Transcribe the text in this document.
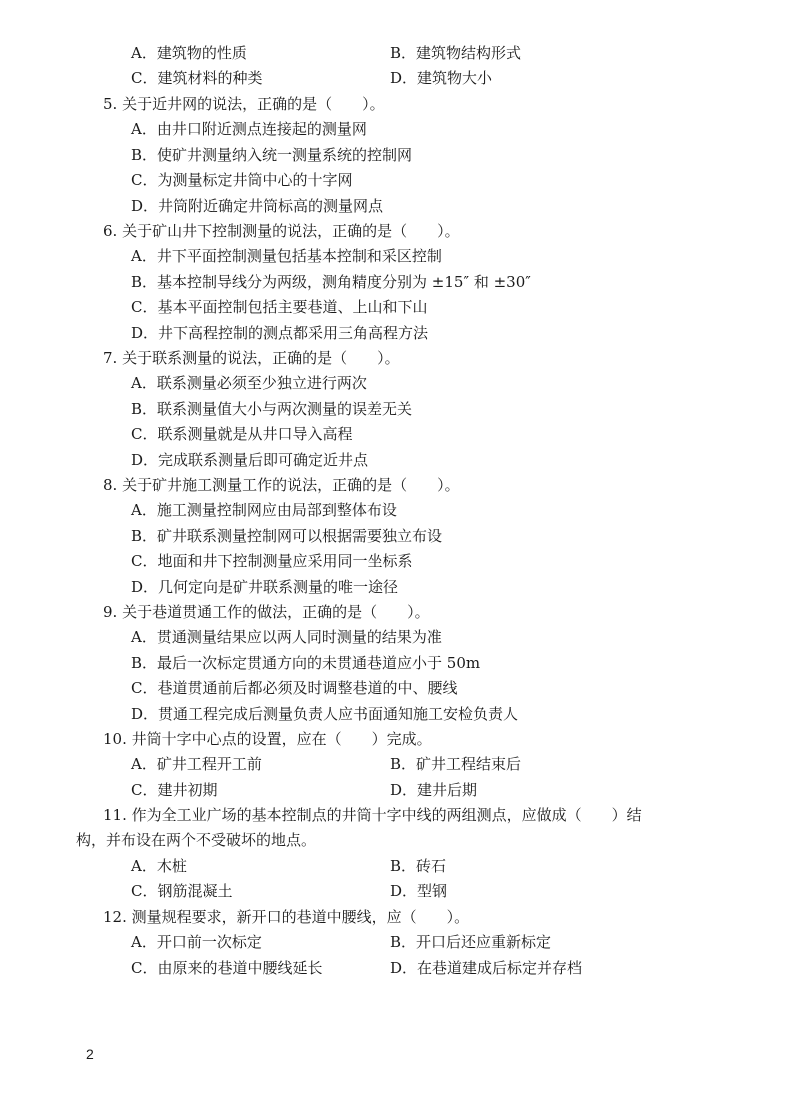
A．建筑物的性质	B．建筑物结构形式
C．建筑材料的种类	D．建筑物大小
5. 关于近井网的说法，正确的是（　　）。
A．由井口附近测点连接起的测量网
B．使矿井测量纳入统一测量系统的控制网
C．为测量标定井筒中心的十字网
D．井筒附近确定井筒标高的测量网点
6. 关于矿山井下控制测量的说法，正确的是（　　）。
A．井下平面控制测量包括基本控制和采区控制
B．基本控制导线分为两级，测角精度分别为 ±15″ 和 ±30″
C．基本平面控制包括主要巷道、上山和下山
D．井下高程控制的测点都采用三角高程方法
7. 关于联系测量的说法，正确的是（　　）。
A．联系测量必须至少独立进行两次
B．联系测量值大小与两次测量的误差无关
C．联系测量就是从井口导入高程
D．完成联系测量后即可确定近井点
8. 关于矿井施工测量工作的说法，正确的是（　　）。
A．施工测量控制网应由局部到整体布设
B．矿井联系测量控制网可以根据需要独立布设
C．地面和井下控制测量应采用同一坐标系
D．几何定向是矿井联系测量的唯一途径
9. 关于巷道贯通工作的做法，正确的是（　　）。
A．贯通测量结果应以两人同时测量的结果为准
B．最后一次标定贯通方向的未贯通巷道应小于 50m
C．巷道贯通前后都必须及时调整巷道的中、腰线
D．贯通工程完成后测量负责人应书面通知施工安检负责人
10. 井筒十字中心点的设置，应在（　　）完成。
A．矿井工程开工前	B．矿井工程结束后
C．建井初期	D．建井后期
11. 作为全工业广场的基本控制点的井筒十字中线的两组测点，应做成（　　）结
构，并布设在两个不受破坏的地点。
A．木桩	B．砖石
C．钢筋混凝土	D．型钢
12. 测量规程要求，新开口的巷道中腰线，应（　　）。
A．开口前一次标定	B．开口后还应重新标定
C．由原来的巷道中腰线延长	D．在巷道建成后标定并存档
2
